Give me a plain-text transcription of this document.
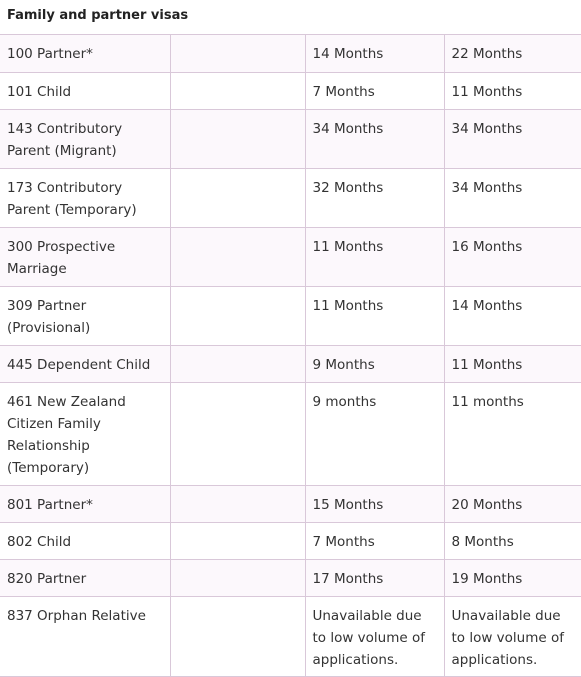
Family and partner visas
100 Partner*		14 Months	22 Months
101 Child		7 Months	11 Months
143 Contributory Parent (Migrant)		34 Months	34 Months
173 Contributory Parent (Temporary)		32 Months	34 Months
300 Prospective Marriage		11 Months	16 Months
309 Partner (Provisional)		11 Months	14 Months
445 Dependent Child		9 Months	11 Months
461 New Zealand Citizen Family Relationship (Temporary)		9 months	11 months
801 Partner*		15 Months	20 Months
802 Child		7 Months	8 Months
820 Partner		17 Months	19 Months
837 Orphan Relative		Unavailable due to low volume of applications.	Unavailable due to low volume of applications.
